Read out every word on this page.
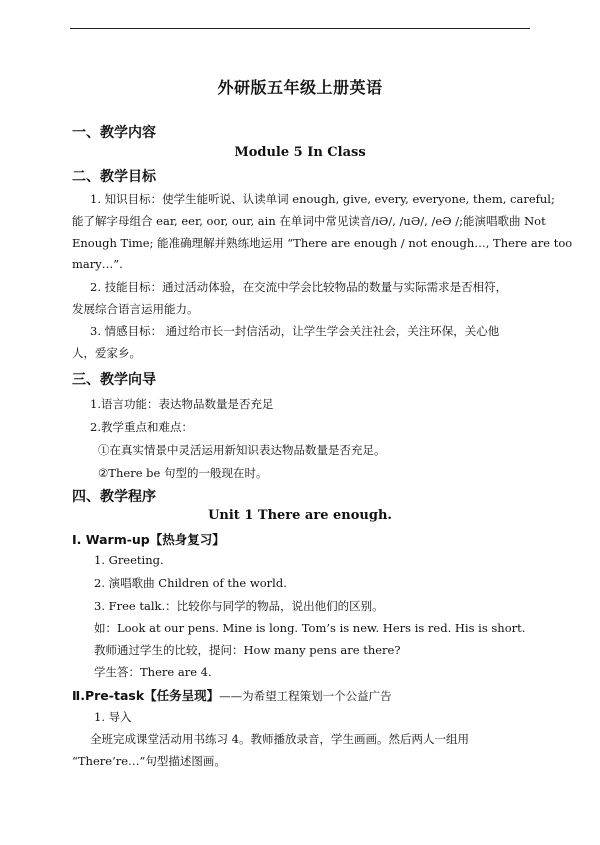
外研版五年级上册英语
一、教学内容
Module 5 In Class
二、教学目标
1. 知识目标：使学生能听说、认读单词 enough, give, every, everyone, them, careful;
能了解字母组合 ear, eer, oor, our, ain 在单词中常见读音/iƏ/, /uƏ/, /eƏ /;能演唱歌曲 Not
Enough Time; 能准确理解并熟练地运用 “There are enough / not enough…, There are too
mary…”.
2. 技能目标：通过活动体验，在交流中学会比较物品的数量与实际需求是否相符，
发展综合语言运用能力。
3. 情感目标： 通过给市长一封信活动，让学生学会关注社会，关注环保，关心他
人，爱家乡。
三、教学向导
1.语言功能：表达物品数量是否充足
2.教学重点和难点：
①在真实情景中灵活运用新知识表达物品数量是否充足。
②There be 句型的一般现在时。
四、教学程序
Unit 1 There are enough.
Ⅰ. Warm-up【热身复习】
1. Greeting.
2. 演唱歌曲 Children of the world.
3. Free talk.：比较你与同学的物品，说出他们的区别。
如：Look at our pens. Mine is long. Tom’s is new. Hers is red. His is short.
教师通过学生的比较，提问：How many pens are there?
学生答：There are 4.
Ⅱ.Pre-task【任务呈现】——为希望工程策划一个公益广告
1. 导入
全班完成课堂活动用书练习 4。教师播放录音，学生画画。然后两人一组用
“There’re…”句型描述图画。
